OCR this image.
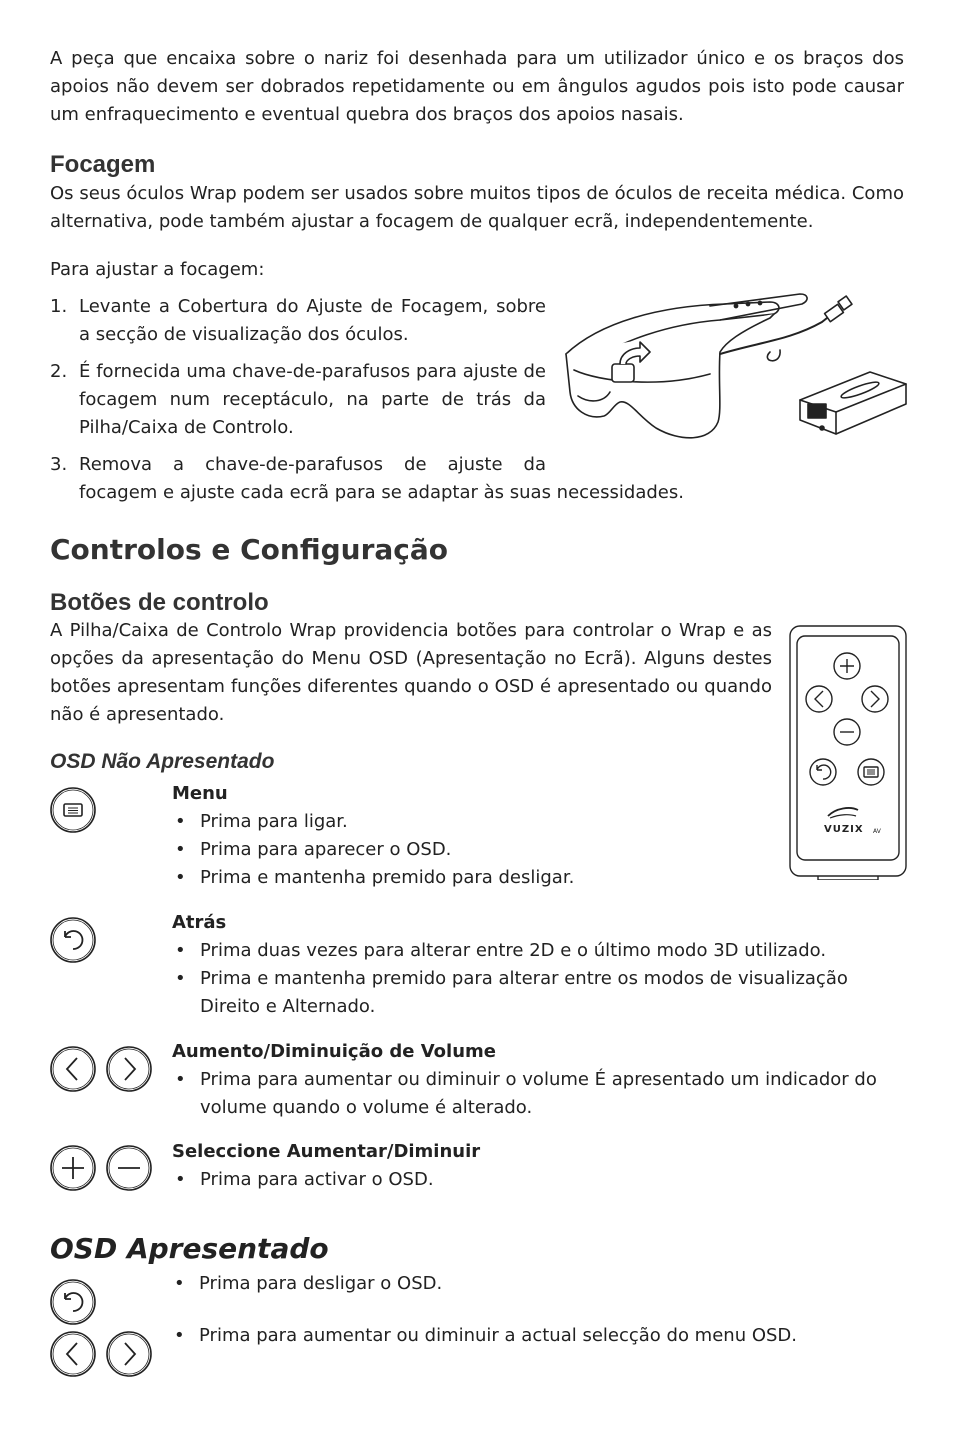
A peça que encaixa sobre o nariz foi desenhada para um utilizador único e os braços dos apoios não devem ser dobrados repetidamente ou em ângulos agudos pois isto pode causar um enfraquecimento e eventual quebra dos braços dos apoios nasais.

Focagem

Os seus óculos Wrap podem ser usados sobre muitos tipos de óculos de receita médica. Como alternativa, pode também ajustar a focagem de qualquer ecrã, independentemente.

Para ajustar a focagem:

1. Levante a Cobertura do Ajuste de Focagem, sobre a secção de visualização dos óculos.
2. É fornecida uma chave-de-parafusos para ajuste de focagem num receptáculo, na parte de trás da Pilha/Caixa de Controlo.
3. Remova a chave-de-parafusos de ajuste da

focagem e ajuste cada ecrã para se adaptar às suas necessidades.

Controlos e Configuração
Botões de controlo

A Pilha/Caixa de Controlo Wrap providencia botões para controlar o Wrap e as opções da apresentação do Menu OSD (Apresentação no Ecrã). Alguns destes botões apresentam funções diferentes quando o OSD é apresentado ou quando não é apresentado.

VUZIX AV
OSD Não Apresentado
Menu
• Prima para ligar.
• Prima para aparecer o OSD.
• Prima e mantenha premido para desligar.
Atrás
• Prima duas vezes para alterar entre 2D e o último modo 3D utilizado.
• Prima e mantenha premido para alterar entre os modos de visualização Direito e Alternado.
Aumento/Diminuição de Volume
• Prima para aumentar ou diminuir o volume É apresentado um indicador do volume quando o volume é alterado.
Seleccione Aumentar/Diminuir
• Prima para activar o OSD.
OSD Apresentado
• Prima para desligar o OSD.
• Prima para aumentar ou diminuir a actual selecção do menu OSD.
